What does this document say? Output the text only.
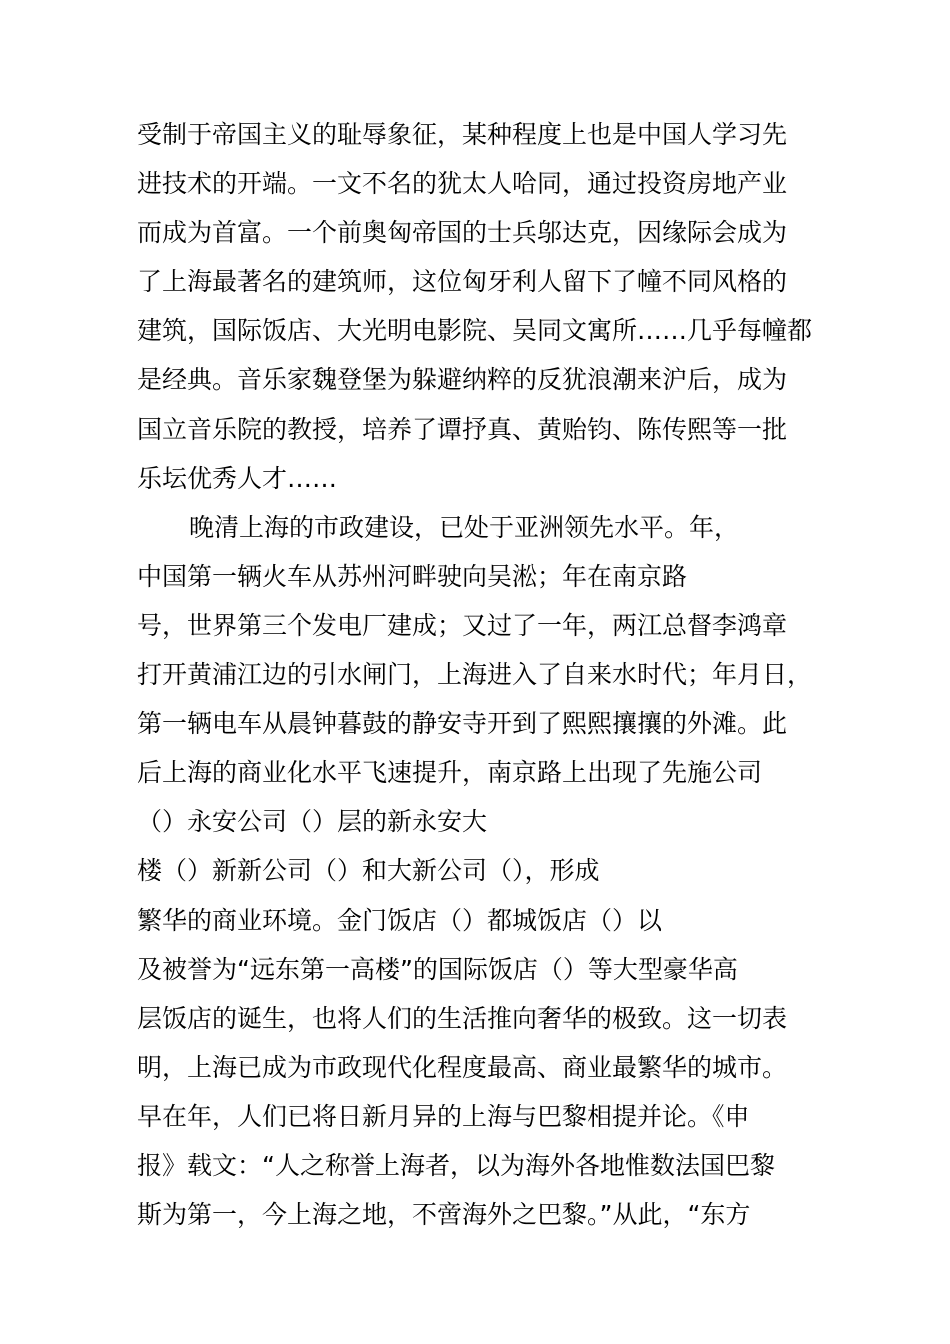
受制于帝国主义的耻辱象征，某种程度上也是中国人学习先
进技术的开端。一文不名的犹太人哈同，通过投资房地产业
而成为首富。一个前奥匈帝国的士兵邬达克，因缘际会成为
了上海最著名的建筑师，这位匈牙利人留下了幢不同风格的
建筑，国际饭店、大光明电影院、吴同文寓所……几乎每幢都
是经典。音乐家魏登堡为躲避纳粹的反犹浪潮来沪后，成为
国立音乐院的教授，培养了谭抒真、黄贻钧、陈传熙等一批
乐坛优秀人才……
晚清上海的市政建设，已处于亚洲领先水平。年，
中国第一辆火车从苏州河畔驶向吴淞；年在南京路
号，世界第三个发电厂建成；又过了一年，两江总督李鸿章
打开黄浦江边的引水闸门，上海进入了自来水时代；年月日，
第一辆电车从晨钟暮鼓的静安寺开到了熙熙攘攘的外滩。此
后上海的商业化水平飞速提升，南京路上出现了先施公司
（）永安公司（）层的新永安大
楼（）新新公司（）和大新公司（），形成
繁华的商业环境。金门饭店（）都城饭店（）以
及被誉为“远东第一高楼”的国际饭店（）等大型豪华高
层饭店的诞生，也将人们的生活推向奢华的极致。这一切表
明，上海已成为市政现代化程度最高、商业最繁华的城市。
早在年，人们已将日新月异的上海与巴黎相提并论。《申
报》载文：“人之称誉上海者，以为海外各地惟数法国巴黎
斯为第一，今上海之地，不啻海外之巴黎。”从此，“东方
